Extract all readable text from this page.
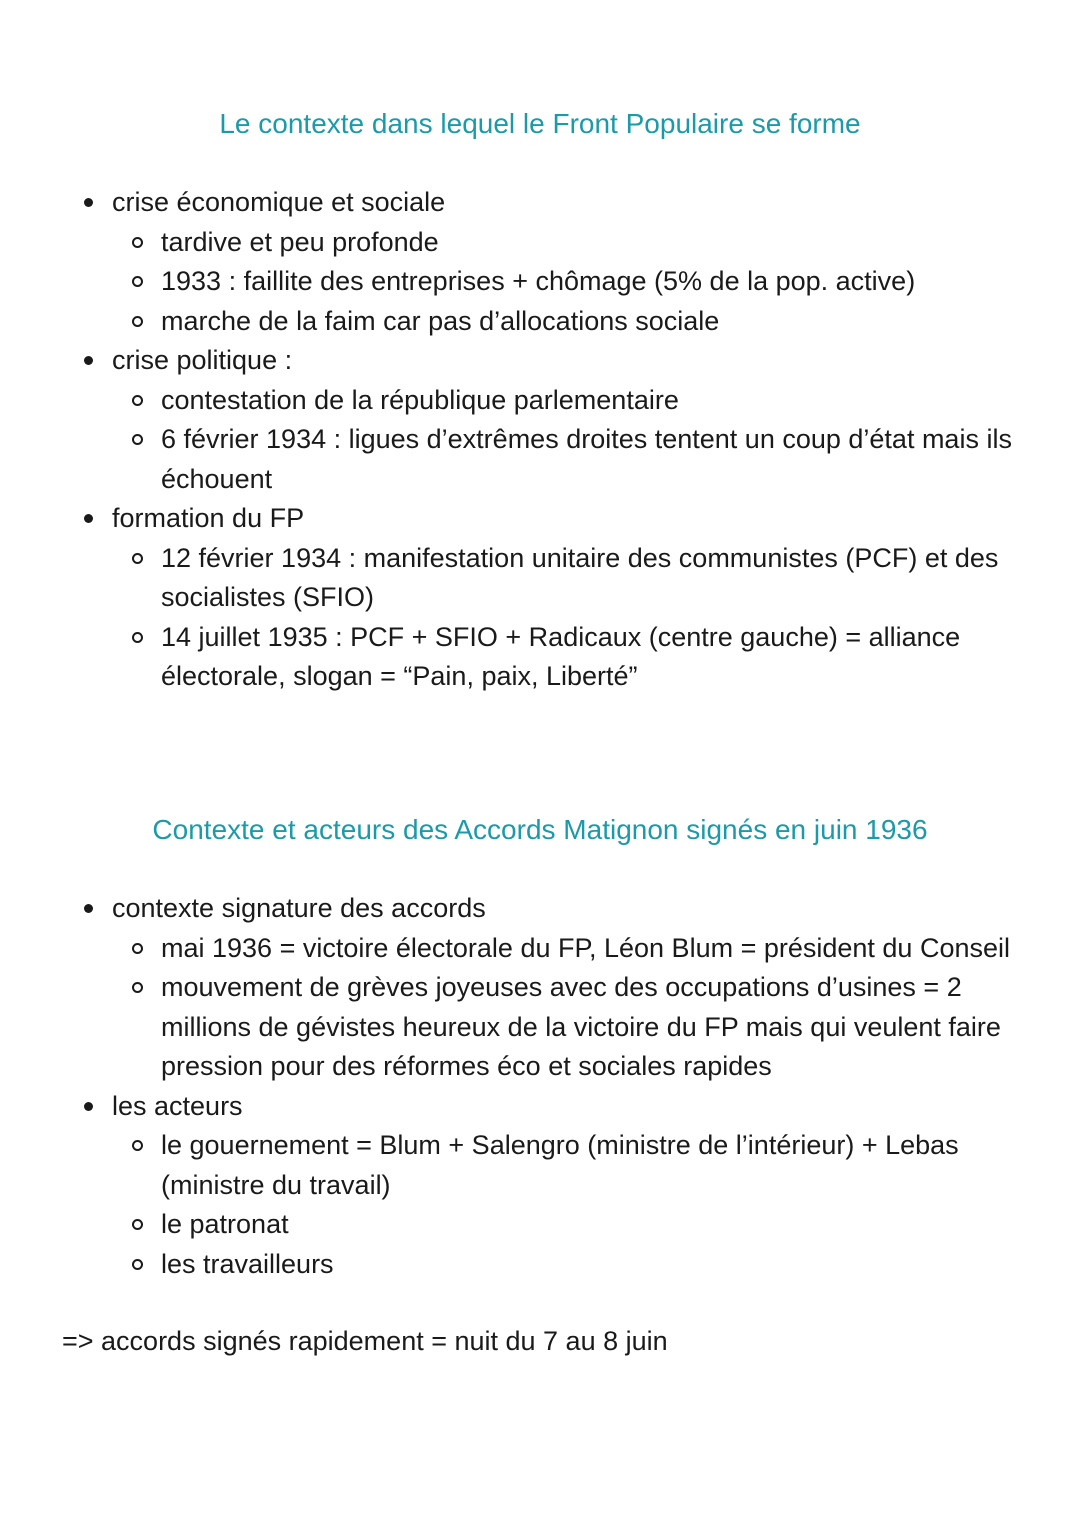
Le contexte dans lequel le Front Populaire se forme
crise économique et sociale
tardive et peu profonde
1933 : faillite des entreprises + chômage (5% de la pop. active)
marche de la faim car pas d’allocations sociale
crise politique :
contestation de la république parlementaire
6 février 1934 : ligues d’extrêmes droites tentent un coup d’état mais ils échouent
formation du FP
12 février 1934 : manifestation unitaire des communistes (PCF) et des socialistes (SFIO)
14 juillet 1935 : PCF + SFIO + Radicaux (centre gauche) = alliance électorale, slogan = “Pain, paix, Liberté”
Contexte et acteurs des Accords Matignon signés en juin 1936
contexte signature des accords
mai 1936 = victoire électorale du FP, Léon Blum = président du Conseil
mouvement de grèves joyeuses avec des occupations d’usines = 2 millions de gévistes heureux de la victoire du FP mais qui veulent faire pression pour des réformes éco et sociales rapides
les acteurs
le gouernement = Blum + Salengro (ministre de l’intérieur) + Lebas (ministre du travail)
le patronat
les travailleurs

=> accords signés rapidement = nuit du 7 au 8 juin
